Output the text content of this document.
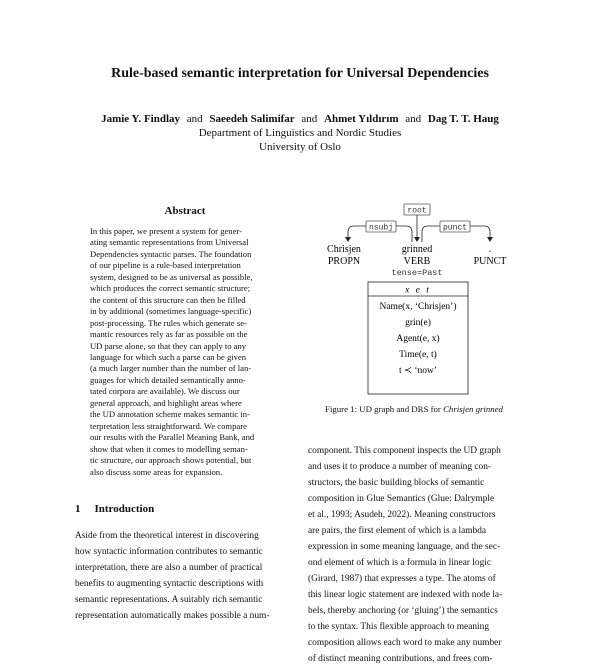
Rule-based semantic interpretation for Universal Dependencies
Jamie Y. Findlay and Saeedeh Salimifar and Ahmet Yıldırım and Dag T. T. Haug
Department of Linguistics and Nordic Studies
University of Oslo
Abstract
In this paper, we present a system for gener-
ating semantic representations from Universal
Dependencies syntactic parses. The foundation
of our pipeline is a rule-based interpretation
system, designed to be as universal as possible,
which produces the correct semantic structure;
the content of this structure can then be filled
in by additional (sometimes language-specific)
post-processing. The rules which generate se-
mantic resources rely as far as possible on the
UD parse alone, so that they can apply to any
language for which such a parse can be given
(a much larger number than the number of lan-
guages for which detailed semantically anno-
tated corpora are available). We discuss our
general approach, and highlight areas where
the UD annotation scheme makes semantic in-
terpretation less straightforward. We compare
our results with the Parallel Meaning Bank, and
show that when it comes to modelling seman-
tic structure, our approach shows potential, but
also discuss some areas for expansion.
1 Introduction
Aside from the theoretical interest in discovering
how syntactic information contributes to semantic
interpretation, there are also a number of practical
benefits to augmenting syntactic descriptions with
semantic representations. A suitably rich semantic
representation automatically makes possible a num-
root
nsubj	punct
Chrisjen
PROPN
grinned
VERB
tense=Past
.
PUNCT
x e t
Name(x, ‘Chrisjen’)
grin(e)
Agent(e, x)
Time(e, t)
t ≺ ‘now’
Figure 1: UD graph and DRS for Chrisjen grinned
component. This component inspects the UD graph
and uses it to produce a number of meaning con-
structors, the basic building blocks of semantic
composition in Glue Semantics (Glue: Dalrymple
et al., 1993; Asudeh, 2022). Meaning constructors
are pairs, the first element of which is a lambda
expression in some meaning language, and the sec-
ond element of which is a formula in linear logic
(Girard, 1987) that expresses a type. The atoms of
this linear logic statement are indexed with node la-
bels, thereby anchoring (or ‘gluing’) the semantics
to the syntax. This flexible approach to meaning
composition allows each word to make any number
of distinct meaning contributions, and frees com-
